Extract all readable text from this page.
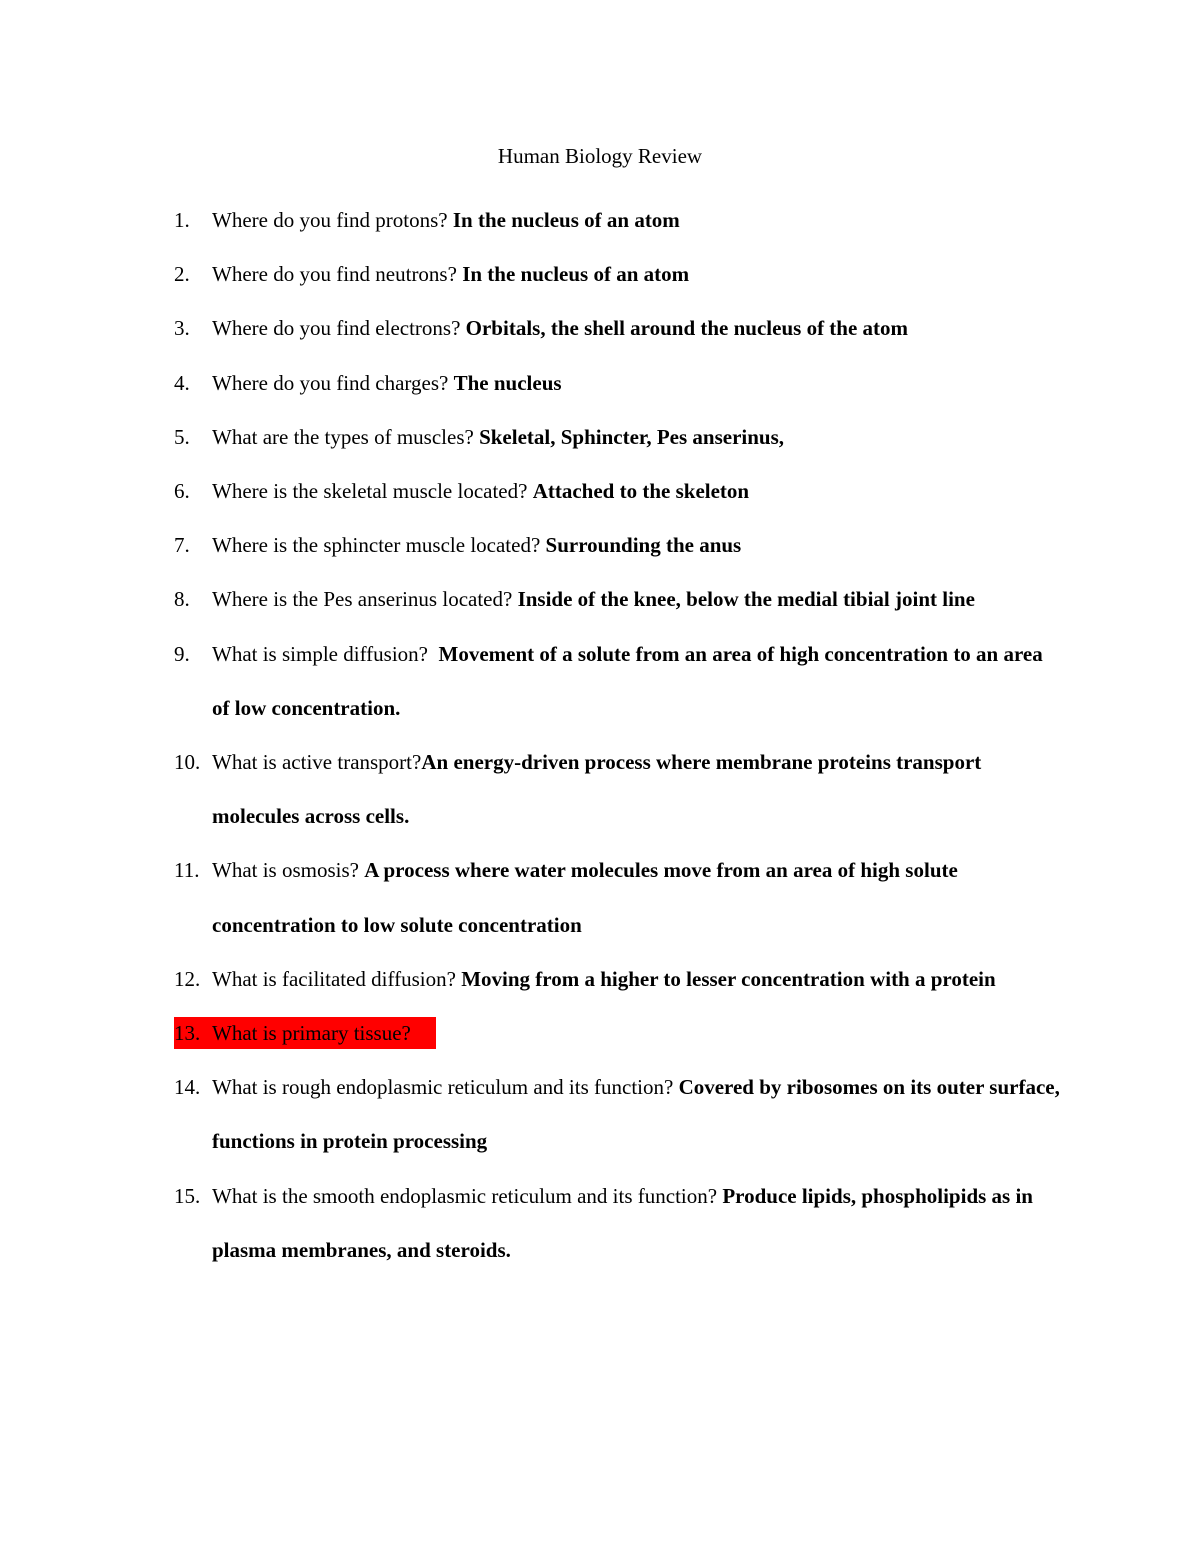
Human Biology Review
1. Where do you find protons? In the nucleus of an atom
2. Where do you find neutrons? In the nucleus of an atom
3. Where do you find electrons? Orbitals, the shell around the nucleus of the atom
4. Where do you find charges? The nucleus
5. What are the types of muscles? Skeletal, Sphincter, Pes anserinus,
6. Where is the skeletal muscle located? Attached to the skeleton
7. Where is the sphincter muscle located? Surrounding the anus
8. Where is the Pes anserinus located? Inside of the knee, below the medial tibial joint line
9. What is simple diffusion?  Movement of a solute from an area of high concentration to an area of low concentration.
10. What is active transport?An energy-driven process where membrane proteins transport molecules across cells.
11. What is osmosis? A process where water molecules move from an area of high solute concentration to low solute concentration
12. What is facilitated diffusion? Moving from a higher to lesser concentration with a protein
13. What is primary tissue?
14. What is rough endoplasmic reticulum and its function? Covered by ribosomes on its outer surface, functions in protein processing
15. What is the smooth endoplasmic reticulum and its function? Produce lipids, phospholipids as in plasma membranes, and steroids.
